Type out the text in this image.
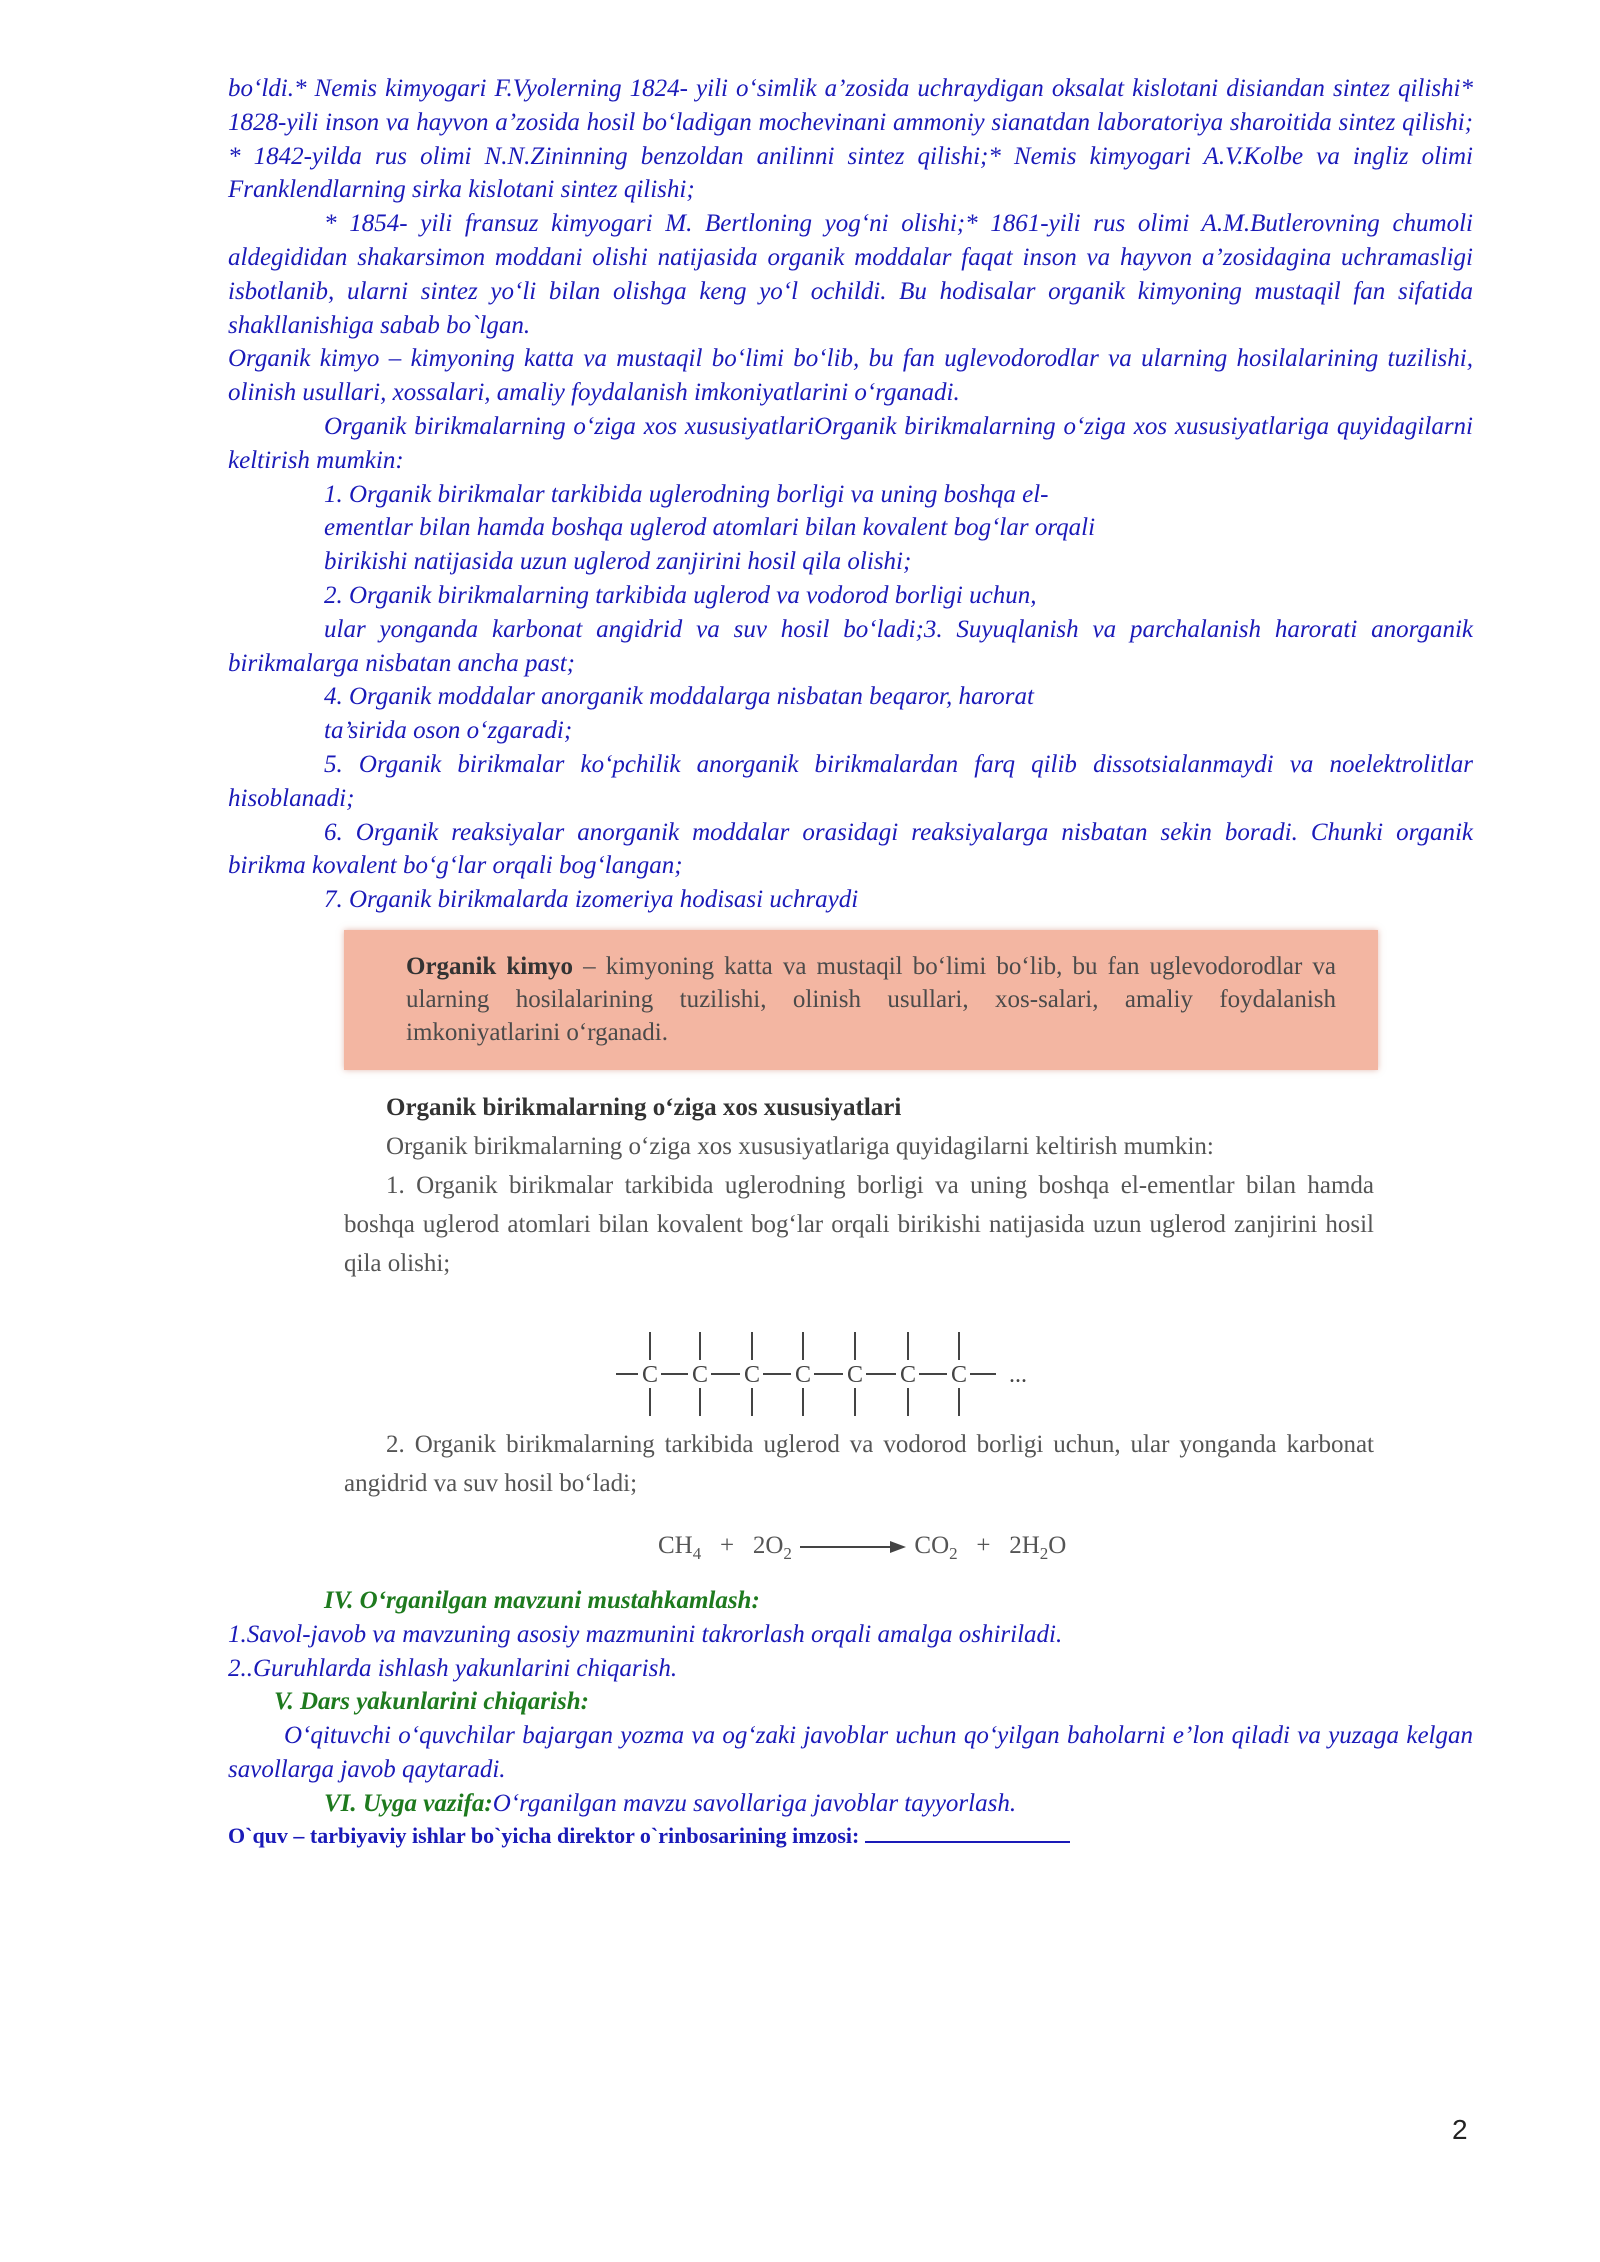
bo‘ldi.* Nemis kimyogari F.Vyolerning 1824- yili o‘simlik a’zosida uchraydigan oksalat kislotani disiandan sintez qilishi* 1828-yili inson va hayvon a’zosida hosil bo‘ladigan mochevinani ammoniy sianatdan laboratoriya sharoitida sintez qilishi; * 1842-yilda rus olimi N.N.Zininning benzoldan anilinni sintez qilishi;* Nemis kimyogari A.V.Kolbe va ingliz olimi Franklendlarning sirka kislotani sintez qilishi;

* 1854- yili fransuz kimyogari M. Bertloning yog‘ni olishi;* 1861-yili rus olimi A.M.Butlerovning chumoli aldegididan shakarsimon moddani olishi natijasida organik moddalar faqat inson va hayvon a’zosidagina uchramasligi isbotlanib, ularni sintez yo‘li bilan olishga keng yo‘l ochildi. Bu hodisalar organik kimyoning mustaqil fan sifatida shakllanishiga sabab bo`lgan.

Organik kimyo – kimyoning katta va mustaqil bo‘limi bo‘lib, bu fan uglevodorodlar va ularning hosilalarining tuzilishi, olinish usullari, xossalari, amaliy foydalanish imkoniyatlarini o‘rganadi.

Organik birikmalarning o‘ziga xos xususiyatlariOrganik birikmalarning o‘ziga xos xususiyatlariga quyidagilarni keltirish mumkin:

1. Organik birikmalar tarkibida uglerodning borligi va uning boshqa el-

ementlar bilan hamda boshqa uglerod atomlari bilan kovalent bog‘lar orqali

birikishi natijasida uzun uglerod zanjirini hosil qila olishi;

2. Organik birikmalarning tarkibida uglerod va vodorod borligi uchun,

ular yonganda karbonat angidrid va suv hosil bo‘ladi;3. Suyuqlanish va parchalanish harorati anorganik birikmalarga nisbatan ancha past;

4. Organik moddalar anorganik moddalarga nisbatan beqaror, harorat

ta’sirida oson o‘zgaradi;

5. Organik birikmalar ko‘pchilik anorganik birikmalardan farq qilib dissotsialanmaydi va noelektrolitlar hisoblanadi;

6. Organik reaksiyalar anorganik moddalar orasidagi reaksiyalarga nisbatan sekin boradi. Chunki organik birikma kovalent bo‘g‘lar orqali bog‘langan;

7. Organik birikmalarda izomeriya hodisasi uchraydi

Organik kimyo – kimyoning katta va mustaqil bo‘limi bo‘lib, bu fan uglevodorodlar va ularning hosilalarining tuzilishi, olinish usullari, xos-salari, amaliy foydalanish imkoniyatlarini o‘rganadi.

Organik birikmalarning o‘ziga xos xususiyatlari

Organik birikmalarning o‘ziga xos xususiyatlariga quyidagilarni keltirish mumkin:

1. Organik birikmalar tarkibida uglerodning borligi va uning boshqa el-ementlar bilan hamda boshqa uglerod atomlari bilan kovalent bog‘lar orqali birikishi natijasida uzun uglerod zanjirini hosil qila olishi;

2. Organik birikmalarning tarkibida uglerod va vodorod borligi uchun, ular yonganda karbonat angidrid va suv hosil bo‘ladi;

C C C C C C C ...
$CH_4 + 2O_2$	$CO_2 + 2H_2O$

IV. O‘rganilgan mavzuni mustahkamlash:

1.Savol-javob va mavzuning asosiy mazmunini takrorlash orqali amalga oshiriladi.

2..Guruhlarda ishlash yakunlarini chiqarish.

V. Dars yakunlarini chiqarish:

O‘qituvchi o‘quvchilar bajargan yozma va og‘zaki javoblar uchun qo‘yilgan baholarni e’lon qiladi va yuzaga kelgan savollarga javob qaytaradi.

VI. Uyga vazifa:O‘rganilgan mavzu savollariga javoblar tayyorlash.

O`quv – tarbiyaviy ishlar bo`yicha direktor o`rinbosarining imzosi:

2
